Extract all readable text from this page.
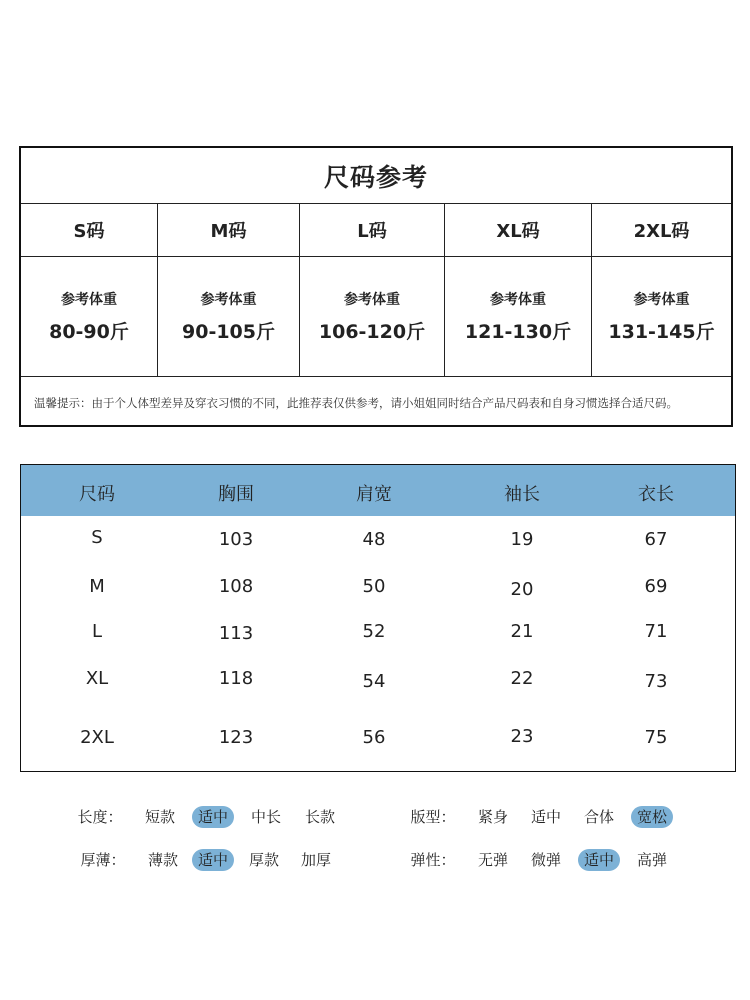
尺码参考
S码	M码	L码	XL码	2XL码
参考体重
80-90斤
参考体重
90-105斤
参考体重
106-120斤
参考体重
121-130斤
参考体重
131-145斤
温馨提示：由于个人体型差异及穿衣习惯的不同，此推荐表仅供参考，请小姐姐同时结合产品尺码表和自身习惯选择合适尺码。
尺码	胸围	肩宽	袖长	衣长
S	103	48	19	67
M	108	50	20	69
L	113	52	21	71
XL	118	54	22	73
2XL	123	56	23	75
长度：	短款	适中	中长	长款	版型：	紧身	适中	合体	宽松
厚薄：	薄款	适中	厚款	加厚	弹性：	无弹	微弹	适中	高弹
